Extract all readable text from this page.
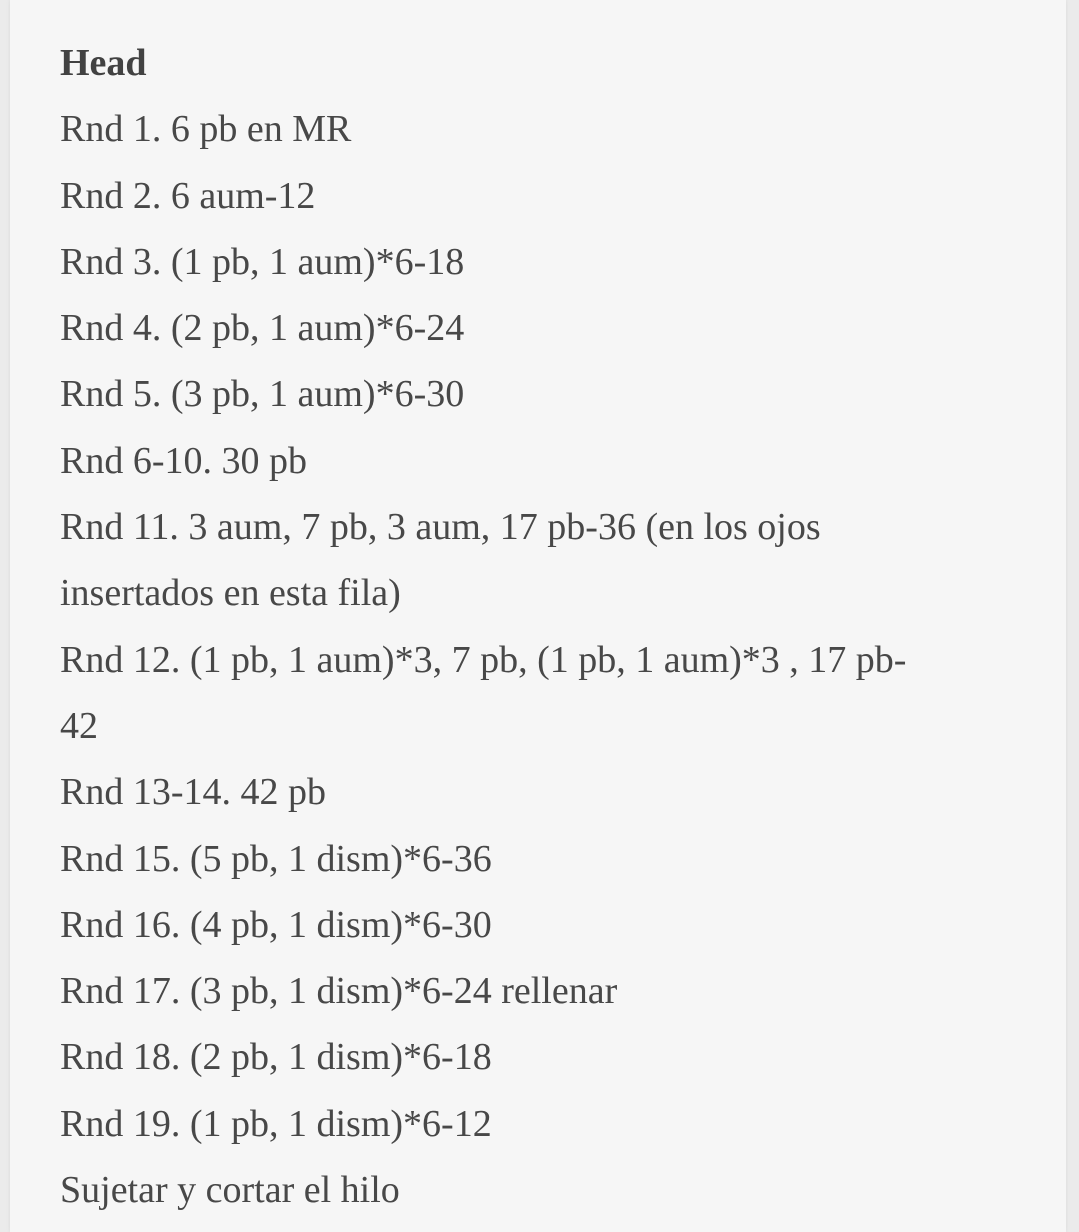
Head
Rnd 1. 6 pb en MR
Rnd 2. 6 aum-12
Rnd 3. (1 pb, 1 aum)*6-18
Rnd 4. (2 pb, 1 aum)*6-24
Rnd 5. (3 pb, 1 aum)*6-30
Rnd 6-10. 30 pb
Rnd 11. 3 aum, 7 pb, 3 aum, 17 pb-36 (en los ojos
insertados en esta fila)
Rnd 12. (1 pb, 1 aum)*3, 7 pb, (1 pb, 1 aum)*3 , 17 pb-
42
Rnd 13-14. 42 pb
Rnd 15. (5 pb, 1 dism)*6-36
Rnd 16. (4 pb, 1 dism)*6-30
Rnd 17. (3 pb, 1 dism)*6-24 rellenar
Rnd 18. (2 pb, 1 dism)*6-18
Rnd 19. (1 pb, 1 dism)*6-12
Sujetar y cortar el hilo
